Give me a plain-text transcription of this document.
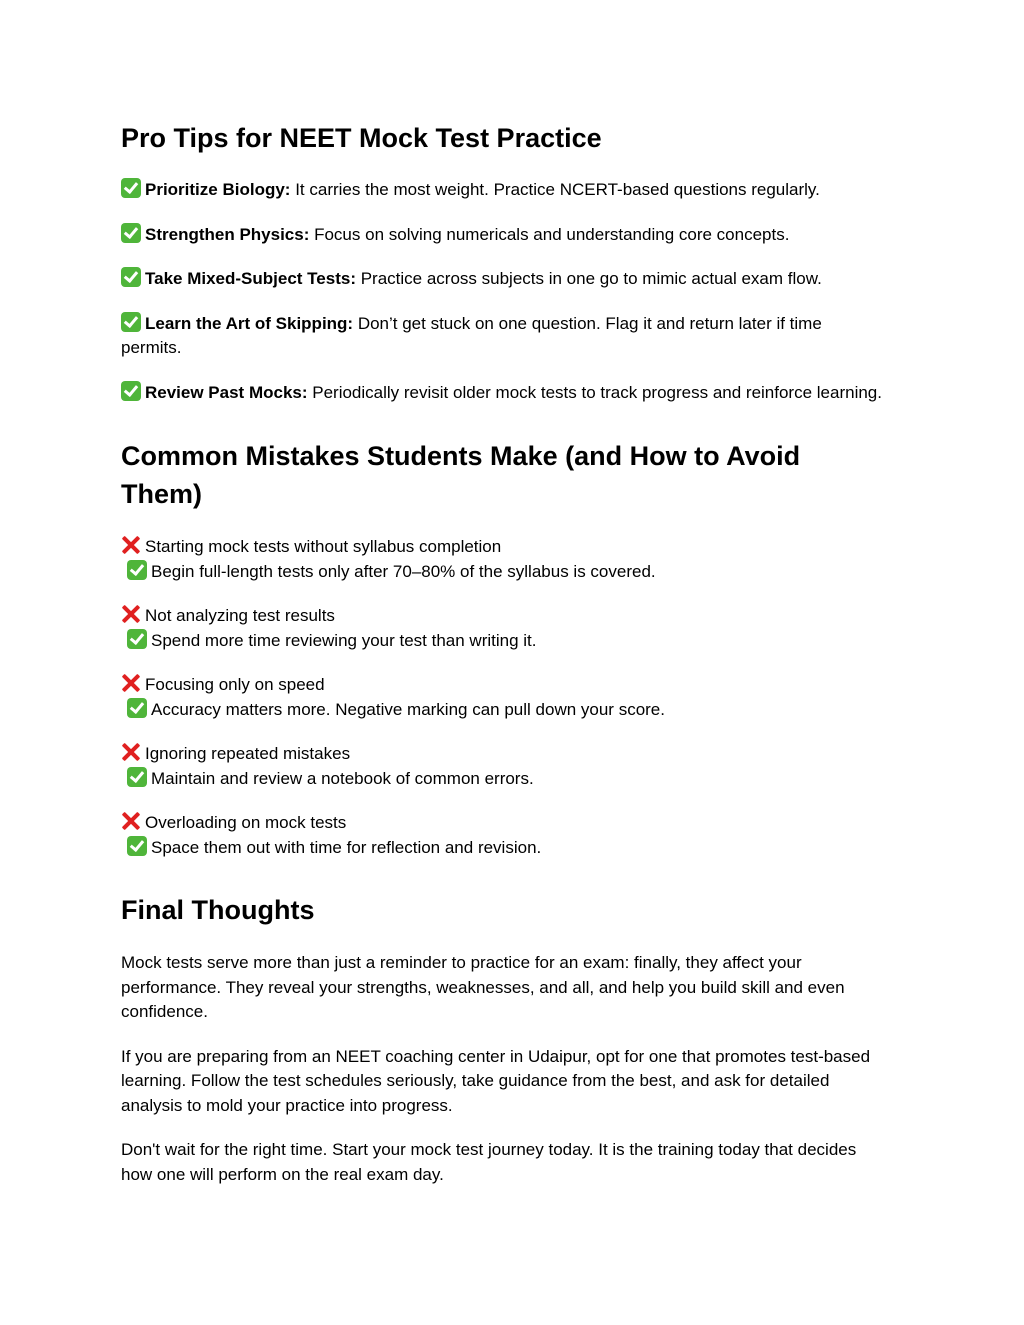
Pro Tips for NEET Mock Test Practice

Prioritize Biology: It carries the most weight. Practice NCERT-based questions regularly.

Strengthen Physics: Focus on solving numericals and understanding core concepts.

Take Mixed-Subject Tests: Practice across subjects in one go to mimic actual exam flow.

Learn the Art of Skipping: Don’t get stuck on one question. Flag it and return later if time permits.

Review Past Mocks: Periodically revisit older mock tests to track progress and reinforce learning.

Common Mistakes Students Make (and How to Avoid Them)

Starting mock tests without syllabus completion

Begin full-length tests only after 70–80% of the syllabus is covered.

Not analyzing test results

Spend more time reviewing your test than writing it.

Focusing only on speed

Accuracy matters more. Negative marking can pull down your score.

Ignoring repeated mistakes

Maintain and review a notebook of common errors.

Overloading on mock tests

Space them out with time for reflection and revision.

Final Thoughts

Mock tests serve more than just a reminder to practice for an exam: finally, they affect your performance. They reveal your strengths, weaknesses, and all, and help you build skill and even confidence.

If you are preparing from an NEET coaching center in Udaipur, opt for one that promotes test-based learning. Follow the test schedules seriously, take guidance from the best, and ask for detailed analysis to mold your practice into progress.

Don't wait for the right time. Start your mock test journey today. It is the training today that decides how one will perform on the real exam day.
